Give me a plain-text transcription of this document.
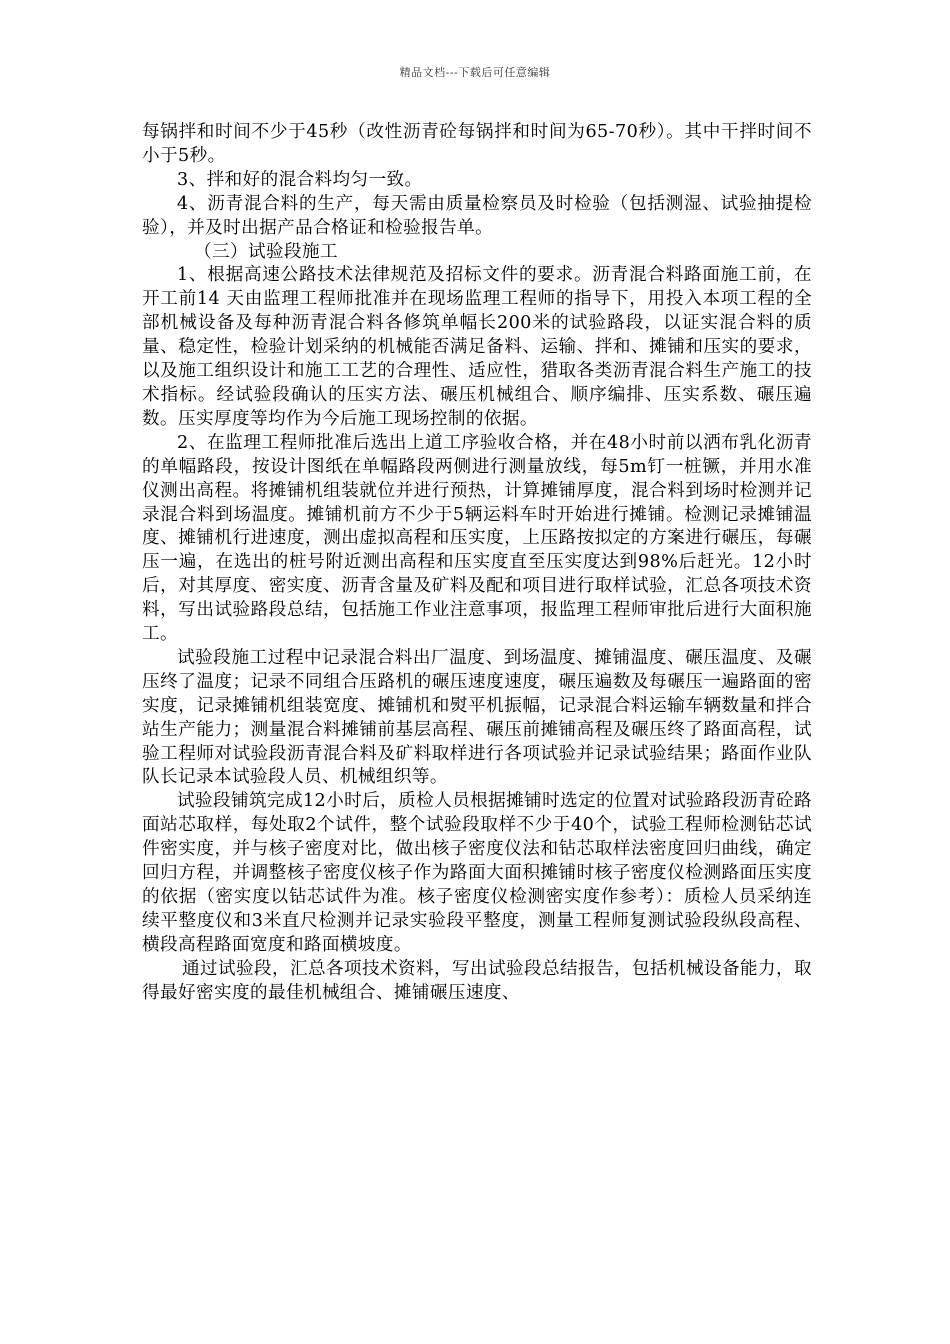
精品文档---下载后可任意编辑

每锅拌和时间不少于45秒（改性沥青砼每锅拌和时间为65-70秒）。其中干拌时间不小于5秒。

3、拌和好的混合料均匀一致。

4、沥青混合料的生产，每天需由质量检察员及时检验（包括测湿、试验抽提检验），并及时出据产品合格证和检验报告单。

（三）试验段施工

1、根据高速公路技术法律规范及招标文件的要求。沥青混合料路面施工前，在开工前14 天由监理工程师批准并在现场监理工程师的指导下，用投入本项工程的全部机械设备及每种沥青混合料各修筑单幅长200米的试验路段，以证实混合料的质量、稳定性，检验计划采纳的机械能否满足备料、运输、拌和、摊铺和压实的要求，以及施工组织设计和施工工艺的合理性、适应性，猎取各类沥青混合料生产施工的技术指标。经试验段确认的压实方法、碾压机械组合、顺序编排、压实系数、碾压遍数。压实厚度等均作为今后施工现场控制的依据。

2、在监理工程师批准后选出上道工序验收合格，并在48小时前以洒布乳化沥青的单幅路段，按设计图纸在单幅路段两侧进行测量放线，每5m钉一桩镢，并用水准仪测出高程。将摊铺机组装就位并进行预热，计算摊铺厚度，混合料到场时检测并记录混合料到场温度。摊铺机前方不少于5辆运料车时开始进行摊铺。检测记录摊铺温度、摊铺机行进速度，测出虚拟高程和压实度，上压路按拟定的方案进行碾压，每碾压一遍，在选出的桩号附近测出高程和压实度直至压实度达到98%后赶光。12小时后，对其厚度、密实度、沥青含量及矿料及配和项目进行取样试验，汇总各项技术资料，写出试验路段总结，包括施工作业注意事项，报监理工程师审批后进行大面积施工。

试验段施工过程中记录混合料出厂温度、到场温度、摊铺温度、碾压温度、及碾压终了温度；记录不同组合压路机的碾压速度速度，碾压遍数及每碾压一遍路面的密实度，记录摊铺机组装宽度、摊铺机和熨平机振幅，记录混合料运输车辆数量和拌合站生产能力；测量混合料摊铺前基层高程、碾压前摊铺高程及碾压终了路面高程，试验工程师对试验段沥青混合料及矿料取样进行各项试验并记录试验结果；路面作业队队长记录本试验段人员、机械组织等。

试验段铺筑完成12小时后，质检人员根据摊铺时选定的位置对试验路段沥青砼路面站芯取样，每处取2个试件，整个试验段取样不少于40个，试验工程师检测钻芯试件密实度，并与核子密度对比，做出核子密度仪法和钻芯取样法密度回归曲线，确定回归方程，并调整核子密度仪核子作为路面大面积摊铺时核子密度仪检测路面压实度的依据（密实度以钻芯试件为准。核子密度仪检测密实度作参考）：质检人员采纳连续平整度仪和3米直尺检测并记录实验段平整度，测量工程师复测试验段纵段高程、横段高程路面宽度和路面横坡度。

通过试验段，汇总各项技术资料，写出试验段总结报告，包括机械设备能力，取得最好密实度的最佳机械组合、摊铺碾压速度、
